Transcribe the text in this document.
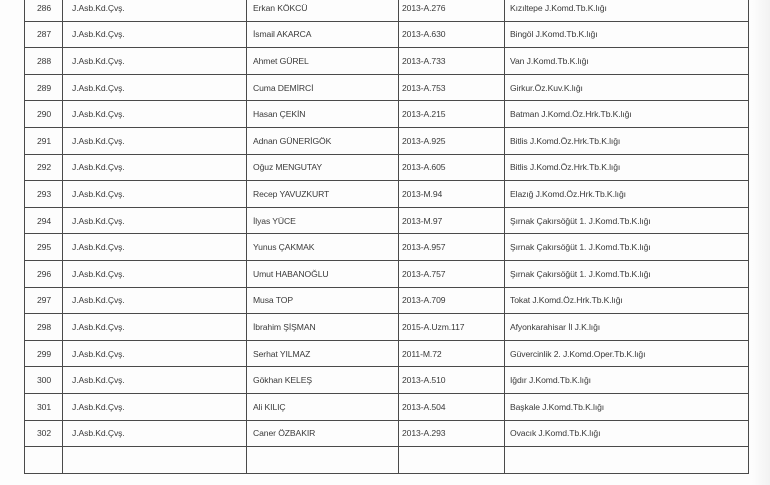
286	J.Asb.Kd.Çvş.	Erkan KÖKCÜ	2013-A.276	Kızıltepe J.Komd.Tb.K.lığı
287	J.Asb.Kd.Çvş.	İsmail AKARCA	2013-A.630	Bingöl J.Komd.Tb.K.lığı
288	J.Asb.Kd.Çvş.	Ahmet GÜREL	2013-A.733	Van J.Komd.Tb.K.lığı
289	J.Asb.Kd.Çvş.	Cuma DEMİRCİ	2013-A.753	Girkur.Öz.Kuv.K.lığı
290	J.Asb.Kd.Çvş.	Hasan ÇEKİN	2013-A.215	Batman J.Komd.Öz.Hrk.Tb.K.lığı
291	J.Asb.Kd.Çvş.	Adnan GÜNERİGÖK	2013-A.925	Bitlis J.Komd.Öz.Hrk.Tb.K.lığı
292	J.Asb.Kd.Çvş.	Oğuz MENGUTAY	2013-A.605	Bitlis J.Komd.Öz.Hrk.Tb.K.lığı
293	J.Asb.Kd.Çvş.	Recep YAVUZKURT	2013-M.94	Elazığ J.Komd.Öz.Hrk.Tb.K.lığı
294	J.Asb.Kd.Çvş.	İlyas YÜCE	2013-M.97	Şırnak Çakırsöğüt 1. J.Komd.Tb.K.lığı
295	J.Asb.Kd.Çvş.	Yunus ÇAKMAK	2013-A.957	Şırnak Çakırsöğüt 1. J.Komd.Tb.K.lığı
296	J.Asb.Kd.Çvş.	Umut HABANOĞLU	2013-A.757	Şırnak Çakırsöğüt 1. J.Komd.Tb.K.lığı
297	J.Asb.Kd.Çvş.	Musa TOP	2013-A.709	Tokat J.Komd.Öz.Hrk.Tb.K.lığı
298	J.Asb.Kd.Çvş.	İbrahim ŞİŞMAN	2015-A.Uzm.117	Afyonkarahisar İl J.K.lığı
299	J.Asb.Kd.Çvş.	Serhat YILMAZ	2011-M.72	Güvercinlik 2. J.Komd.Oper.Tb.K.lığı
300	J.Asb.Kd.Çvş.	Gökhan KELEŞ	2013-A.510	Iğdır J.Komd.Tb.K.lığı
301	J.Asb.Kd.Çvş.	Ali KILIÇ	2013-A.504	Başkale J.Komd.Tb.K.lığı
302	J.Asb.Kd.Çvş.	Caner ÖZBAKIR	2013-A.293	Ovacık J.Komd.Tb.K.lığı
